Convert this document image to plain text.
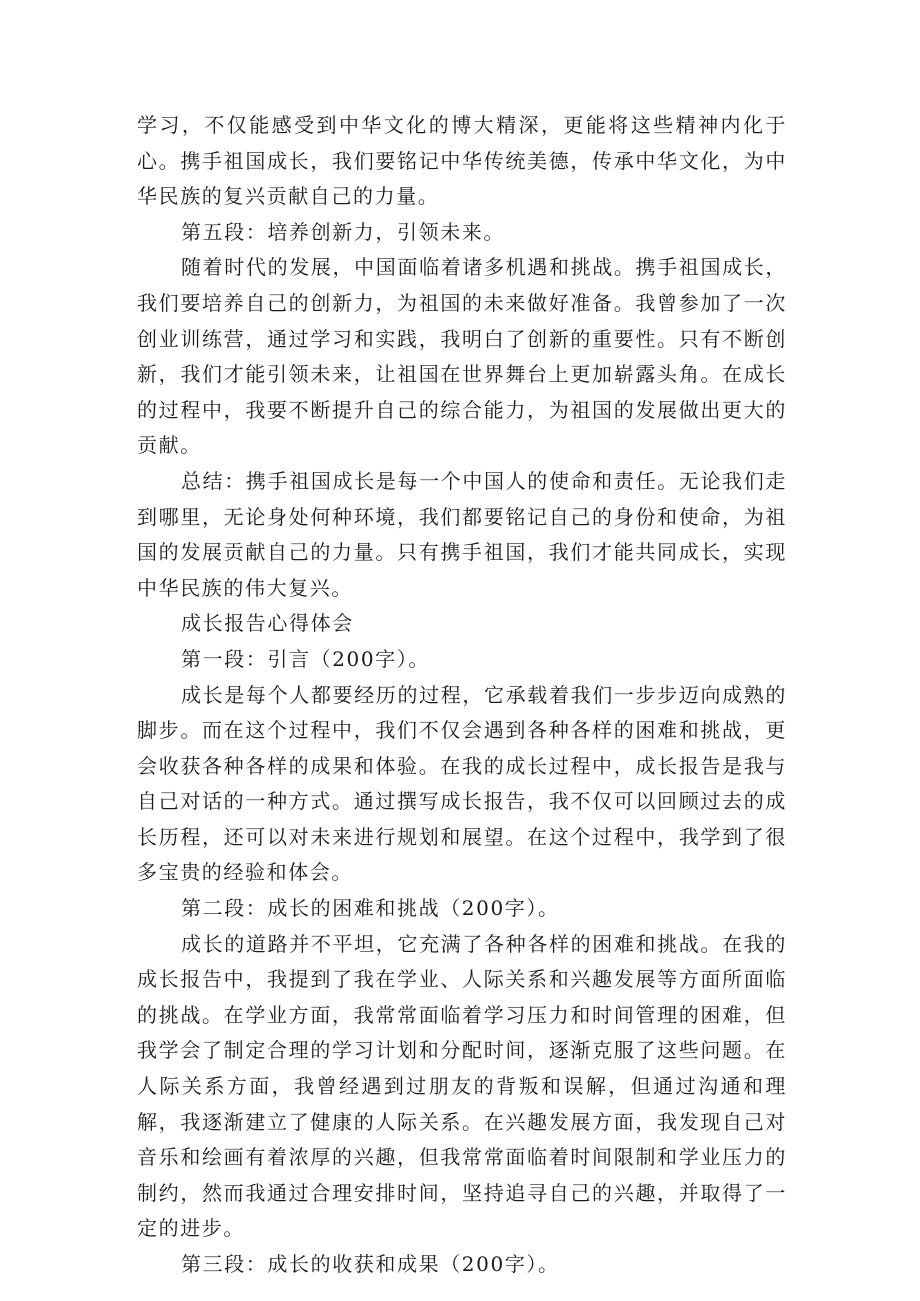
学习，不仅能感受到中华文化的博大精深，更能将这些精神内化于心。携手祖国成长，我们要铭记中华传统美德，传承中华文化，为中华民族的复兴贡献自己的力量。

第五段：培养创新力，引领未来。

随着时代的发展，中国面临着诸多机遇和挑战。携手祖国成长，我们要培养自己的创新力，为祖国的未来做好准备。我曾参加了一次创业训练营，通过学习和实践，我明白了创新的重要性。只有不断创新，我们才能引领未来，让祖国在世界舞台上更加崭露头角。在成长的过程中，我要不断提升自己的综合能力，为祖国的发展做出更大的贡献。

总结：携手祖国成长是每一个中国人的使命和责任。无论我们走到哪里，无论身处何种环境，我们都要铭记自己的身份和使命，为祖国的发展贡献自己的力量。只有携手祖国，我们才能共同成长，实现中华民族的伟大复兴。

成长报告心得体会

第一段：引言（200字）。

成长是每个人都要经历的过程，它承载着我们一步步迈向成熟的脚步。而在这个过程中，我们不仅会遇到各种各样的困难和挑战，更会收获各种各样的成果和体验。在我的成长过程中，成长报告是我与自己对话的一种方式。通过撰写成长报告，我不仅可以回顾过去的成长历程，还可以对未来进行规划和展望。在这个过程中，我学到了很多宝贵的经验和体会。

第二段：成长的困难和挑战（200字）。

成长的道路并不平坦，它充满了各种各样的困难和挑战。在我的成长报告中，我提到了我在学业、人际关系和兴趣发展等方面所面临的挑战。在学业方面，我常常面临着学习压力和时间管理的困难，但我学会了制定合理的学习计划和分配时间，逐渐克服了这些问题。在人际关系方面，我曾经遇到过朋友的背叛和误解，但通过沟通和理解，我逐渐建立了健康的人际关系。在兴趣发展方面，我发现自己对音乐和绘画有着浓厚的兴趣，但我常常面临着时间限制和学业压力的制约，然而我通过合理安排时间，坚持追寻自己的兴趣，并取得了一定的进步。

第三段：成长的收获和成果（200字）。
